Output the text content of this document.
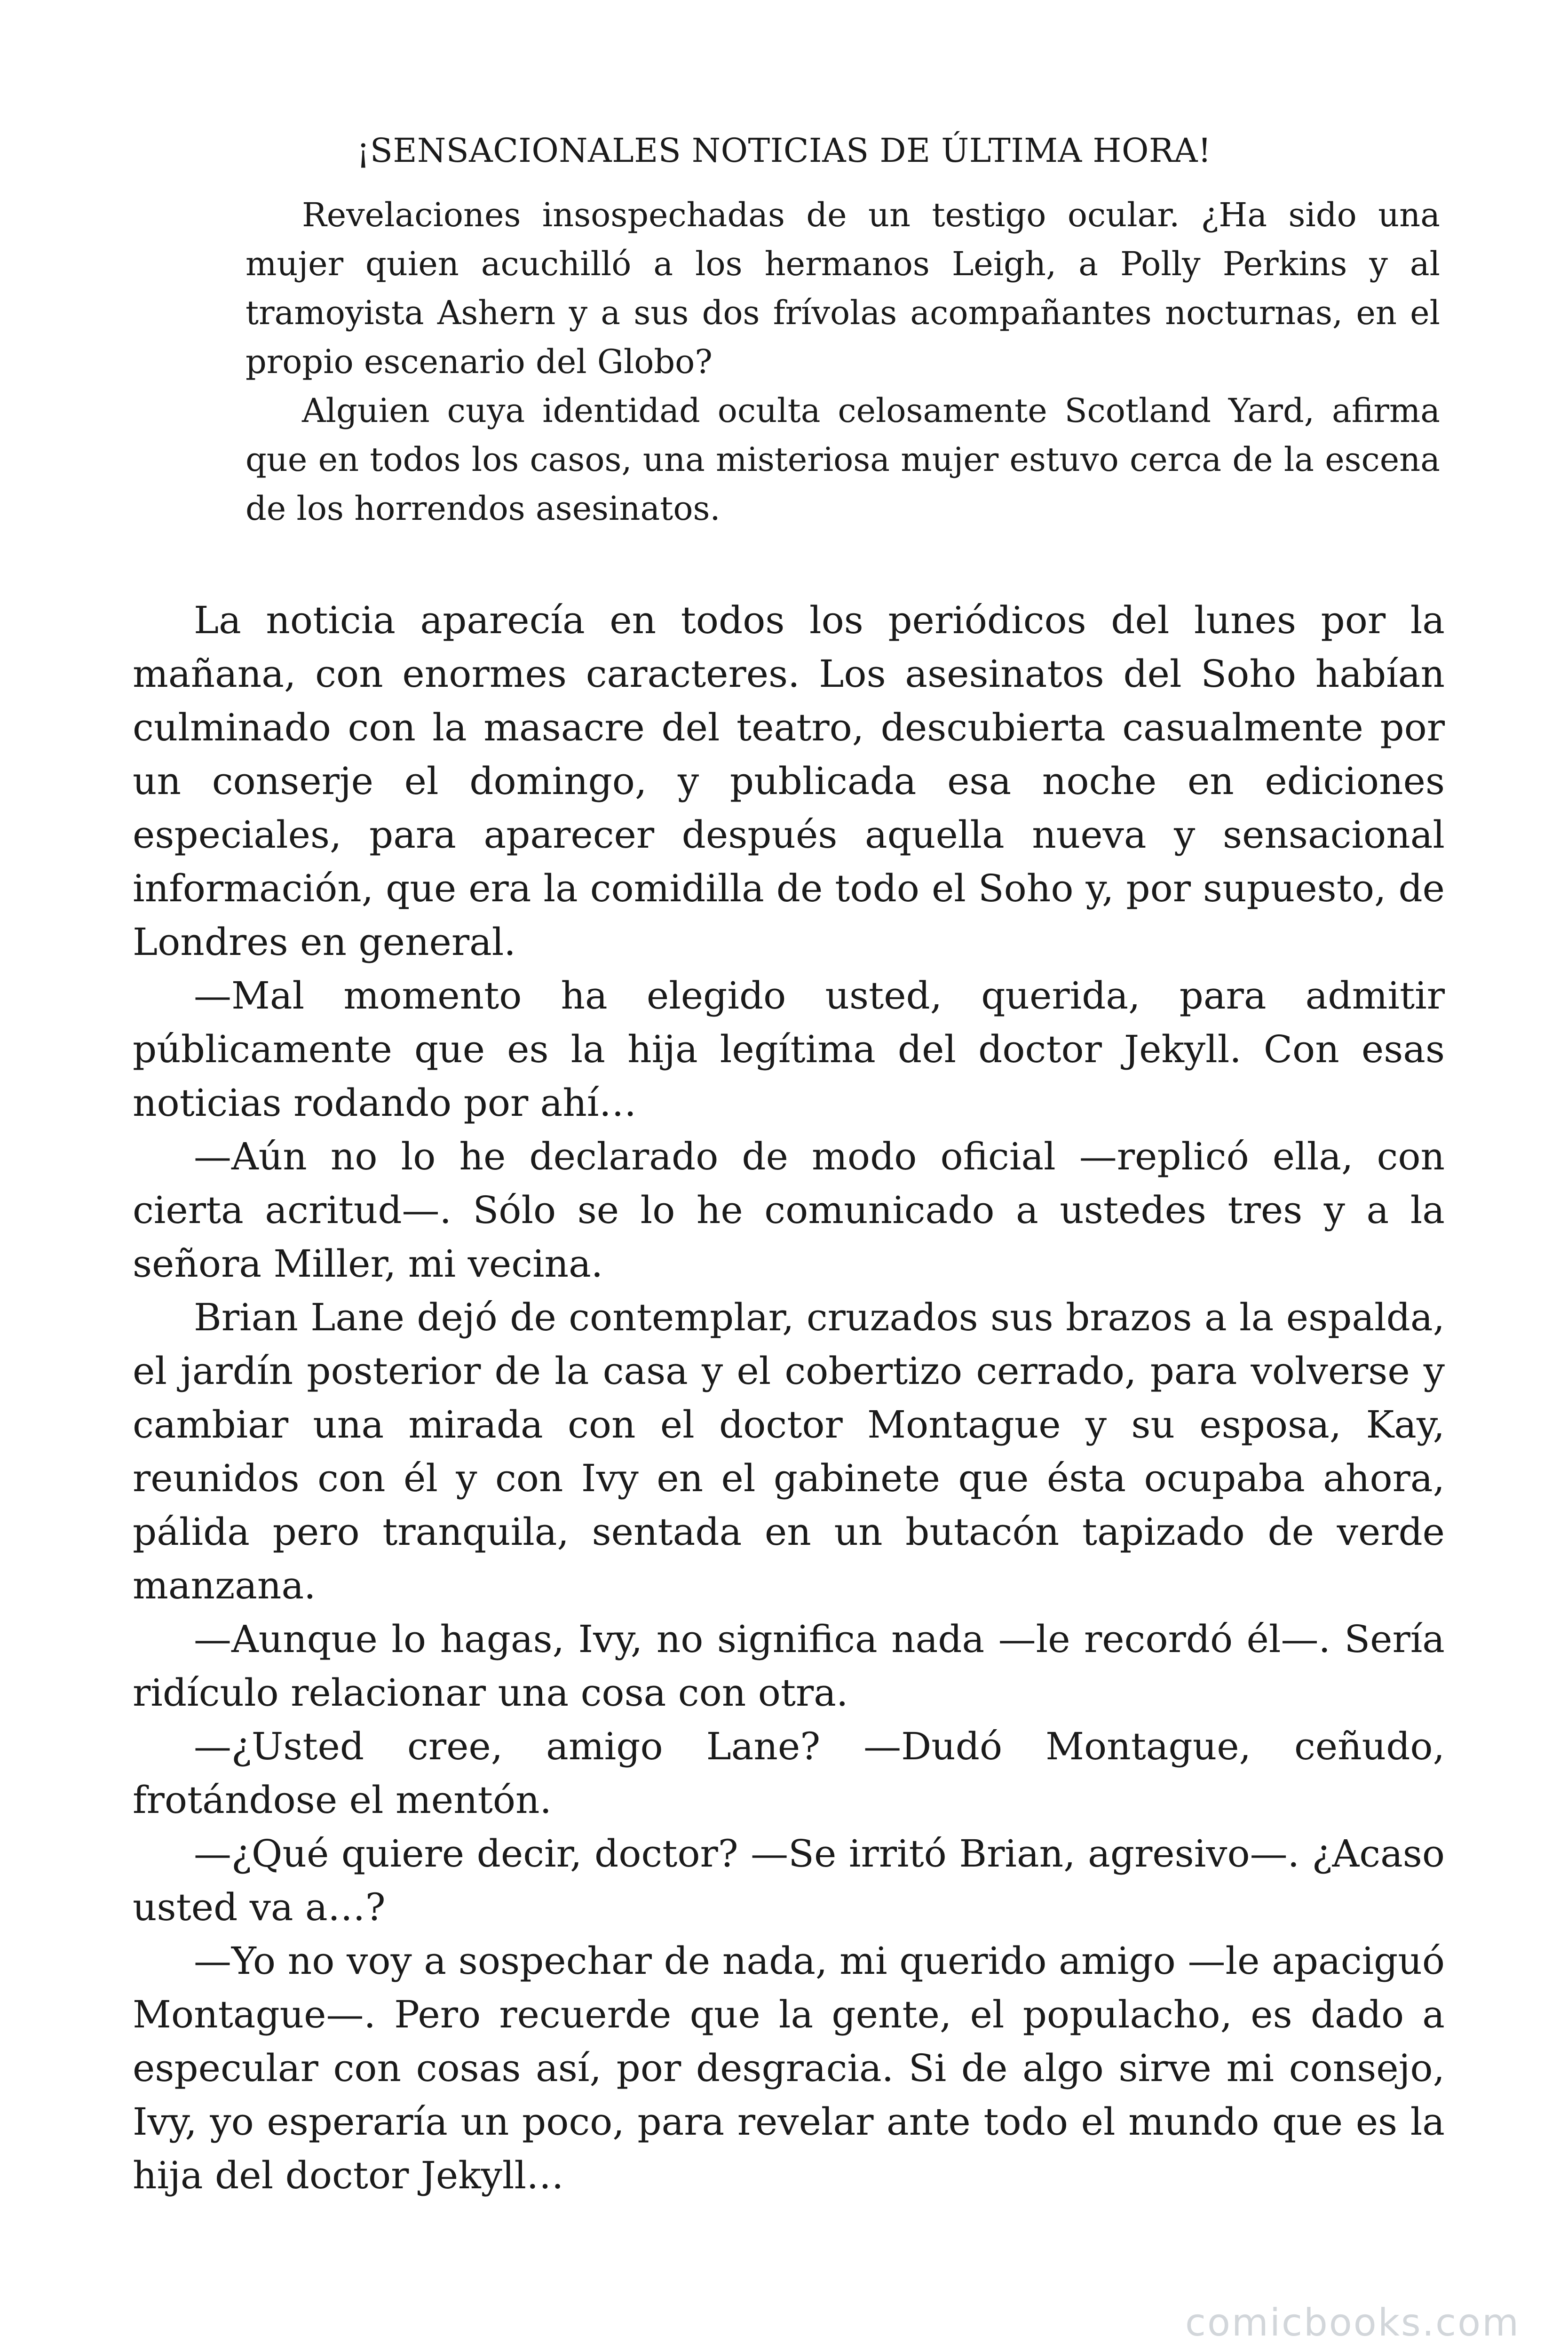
¡SENSACIONALES NOTICIAS DE ÚLTIMA HORA!

Revelaciones insospechadas de un testigo ocular. ¿Ha sido una mujer quien acuchilló a los hermanos Leigh, a Polly Perkins y al tramoyista Ashern y a sus dos frívolas acompañantes nocturnas, en el propio escenario del Globo?

Alguien cuya identidad oculta celosamente Scotland Yard, afirma que en todos los casos, una misteriosa mujer estuvo cerca de la escena de los horrendos asesinatos.

La noticia aparecía en todos los periódicos del lunes por la mañana, con enormes caracteres. Los asesinatos del Soho habían culminado con la masacre del teatro, descubierta casualmente por un conserje el domingo, y publicada esa noche en ediciones especiales, para aparecer después aquella nueva y sensacional información, que era la comidilla de todo el Soho y, por supuesto, de Londres en general.

—Mal momento ha elegido usted, querida, para admitir públicamente que es la hija legítima del doctor Jekyll. Con esas noticias rodando por ahí…

—Aún no lo he declarado de modo oficial —replicó ella, con cierta acritud—. Sólo se lo he comunicado a ustedes tres y a la señora Miller, mi vecina.

Brian Lane dejó de contemplar, cruzados sus brazos a la espalda, el jardín posterior de la casa y el cobertizo cerrado, para volverse y cambiar una mirada con el doctor Montague y su esposa, Kay, reunidos con él y con Ivy en el gabinete que ésta ocupaba ahora, pálida pero tranquila, sentada en un butacón tapizado de verde manzana.

—Aunque lo hagas, Ivy, no significa nada —le recordó él—. Sería ridículo relacionar una cosa con otra.

—¿Usted cree, amigo Lane? —Dudó Montague, ceñudo, frotándose el mentón.

—¿Qué quiere decir, doctor? —Se irritó Brian, agresivo—. ¿Acaso usted va a…?

—Yo no voy a sospechar de nada, mi querido amigo —le apaciguó Montague—. Pero recuerde que la gente, el populacho, es dado a especular con cosas así, por desgracia. Si de algo sirve mi consejo, Ivy, yo esperaría un poco, para revelar ante todo el mundo que es la hija del doctor Jekyll…

comicbooks.com
